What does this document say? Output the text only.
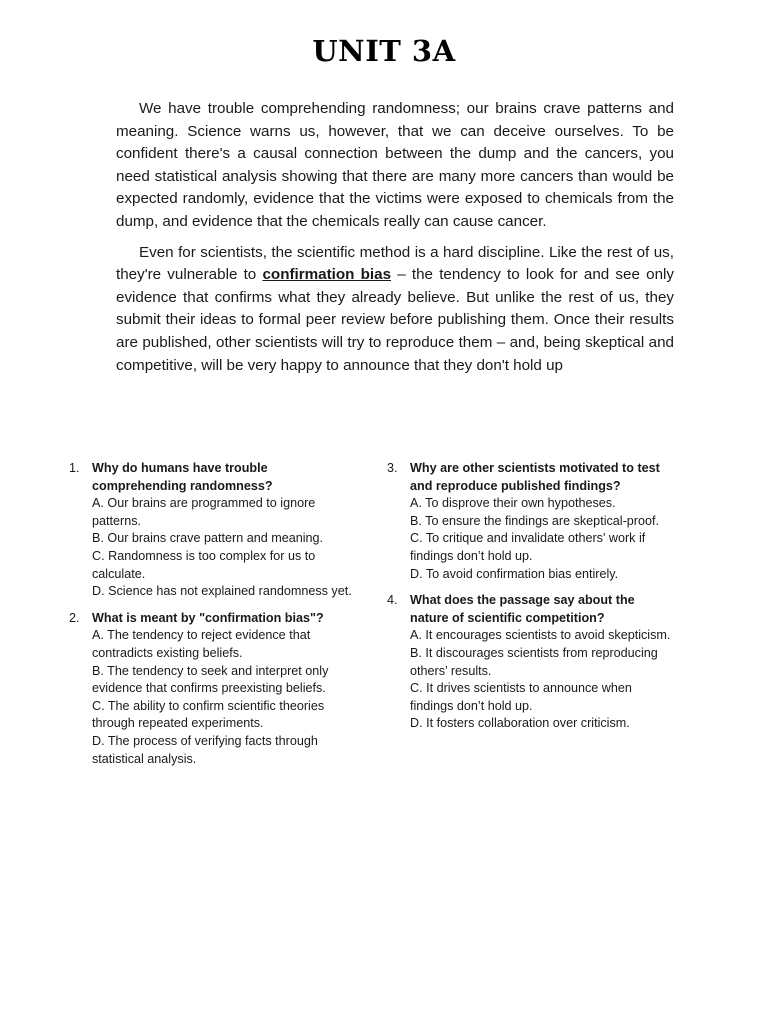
UNIT 3A

We have trouble comprehending randomness; our brains crave patterns and meaning. Science warns us, however, that we can deceive ourselves. To be confident there's a causal connection between the dump and the cancers, you need statistical analysis showing that there are many more cancers than would be expected randomly, evidence that the victims were exposed to chemicals from the dump, and evidence that the chemicals really can cause cancer.

Even for scientists, the scientific method is a hard discipline. Like the rest of us, they're vulnerable to confirmation bias – the tendency to look for and see only evidence that confirms what they already believe. But unlike the rest of us, they submit their ideas to formal peer review before publishing them. Once their results are published, other scientists will try to reproduce them – and, being skeptical and competitive, will be very happy to announce that they don't hold up

1. Why do humans have trouble comprehending randomness?
A. Our brains are programmed to ignore patterns.
B. Our brains crave pattern and meaning.
C. Randomness is too complex for us to calculate.
D. Science has not explained randomness yet.
2. What is meant by "confirmation bias"?
A. The tendency to reject evidence that contradicts existing beliefs.
B. The tendency to seek and interpret only evidence that confirms preexisting beliefs.
C. The ability to confirm scientific theories through repeated experiments.
D. The process of verifying facts through statistical analysis.
3. Why are other scientists motivated to test and reproduce published findings?
A. To disprove their own hypotheses.
B. To ensure the findings are skeptical-proof.
C. To critique and invalidate others' work if findings don’t hold up.
D. To avoid confirmation bias entirely.
4. What does the passage say about the nature of scientific competition?
A. It encourages scientists to avoid skepticism.
B. It discourages scientists from reproducing others’ results.
C. It drives scientists to announce when findings don’t hold up.
D. It fosters collaboration over criticism.
